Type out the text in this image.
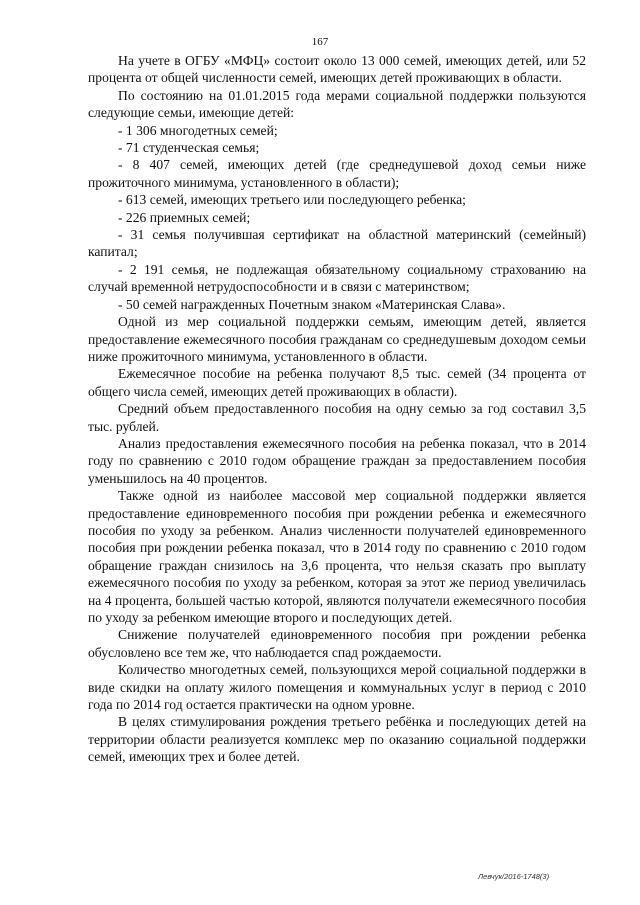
167

На учете в ОГБУ «МФЦ» состоит около 13 000 семей, имеющих детей, или 52 процента от общей численности семей, имеющих детей проживающих в области.

По состоянию на 01.01.2015 года мерами социальной поддержки пользуются следующие семьи, имеющие детей:

- 1 306 многодетных семей;

- 71 студенческая семья;

- 8 407 семей, имеющих детей (где среднедушевой доход семьи ниже прожиточного минимума, установленного в области);

- 613 семей, имеющих третьего или последующего ребенка;

- 226 приемных семей;

- 31 семья получившая сертификат на областной материнский (семейный) капитал;

- 2 191 семья, не подлежащая обязательному социальному страхованию на случай временной нетрудоспособности и в связи с материнством;

- 50 семей награжденных Почетным знаком «Материнская Слава».

Одной из мер социальной поддержки семьям, имеющим детей, является предоставление ежемесячного пособия гражданам со среднедушевым доходом семьи ниже прожиточного минимума, установленного в области.

Ежемесячное пособие на ребенка получают 8,5 тыс. семей (34 процента от общего числа семей, имеющих детей проживающих в области).

Средний объем предоставленного пособия на одну семью за год составил 3,5 тыс. рублей.

Анализ предоставления ежемесячного пособия на ребенка показал, что в 2014 году по сравнению с 2010 годом обращение граждан за предоставлением пособия уменьшилось на 40 процентов.

Также одной из наиболее массовой мер социальной поддержки является предоставление единовременного пособия при рождении ребенка и ежемесячного пособия по уходу за ребенком. Анализ численности получателей единовременного пособия при рождении ребенка показал, что в 2014 году по сравнению с 2010 годом обращение граждан снизилось на 3,6 процента, что нельзя сказать про выплату ежемесячного пособия по уходу за ребенком, которая за этот же период увеличилась на 4 процента, большей частью которой, являются получатели ежемесячного пособия по уходу за ребенком имеющие второго и последующих детей.

Снижение получателей единовременного пособия при рождении ребенка обусловлено все тем же, что наблюдается спад рождаемости.

Количество многодетных семей, пользующихся мерой социальной поддержки в виде скидки на оплату жилого помещения и коммунальных услуг в период с 2010 года по 2014 год остается практически на одном уровне.

В целях стимулирования рождения третьего ребёнка и последующих детей на территории области реализуется комплекс мер по оказанию социальной поддержки семей, имеющих трех и более детей.

Левчук/2016-1748(3)
